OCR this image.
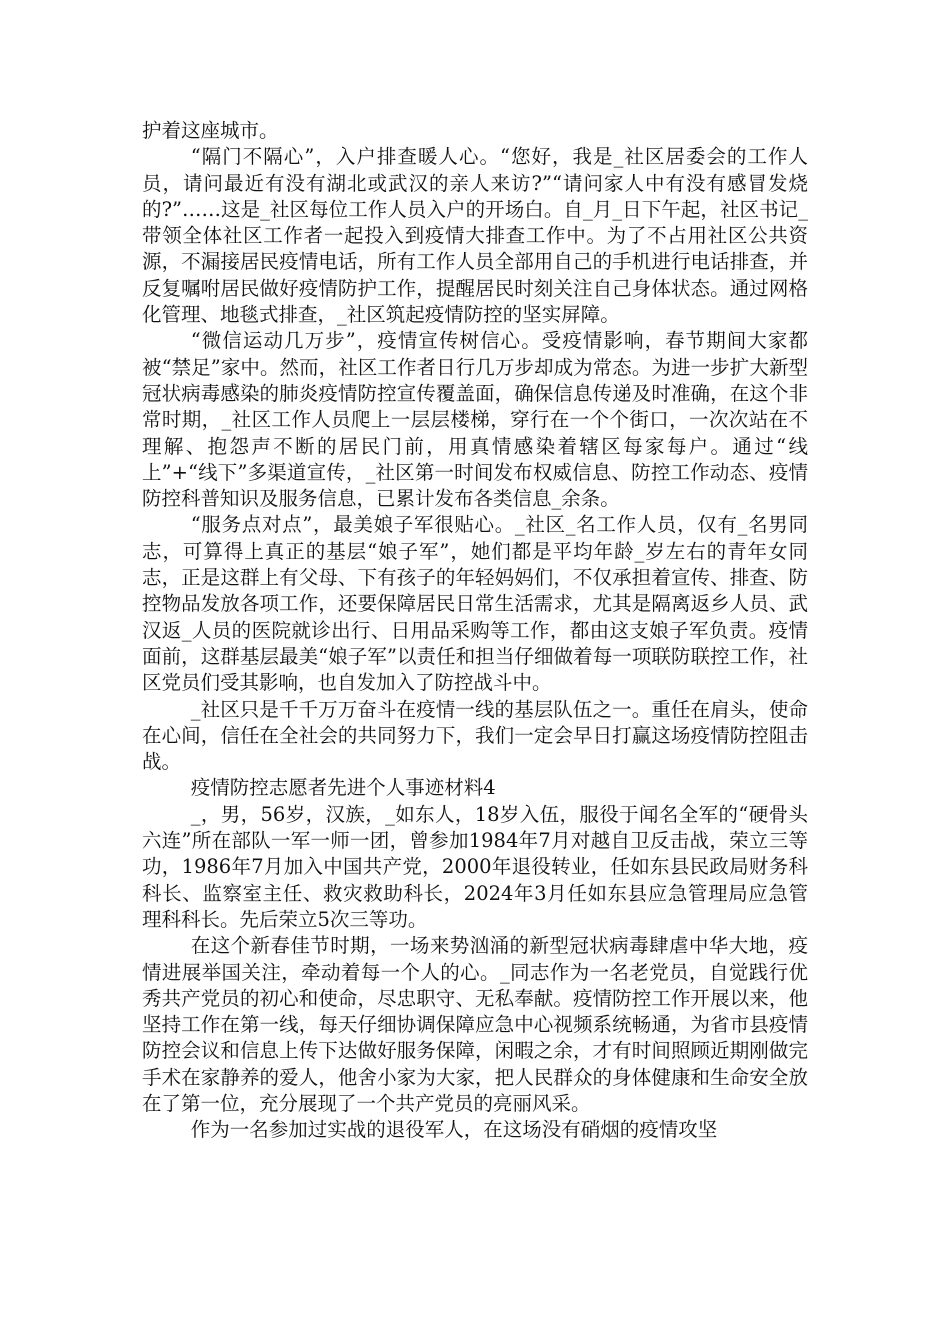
护着这座城市。

“隔门不隔心”，入户排查暖人心。“您好，我是_社区居委会的工作人员，请问最近有没有湖北或武汉的亲人来访?”“请问家人中有没有感冒发烧的?”……这是_社区每位工作人员入户的开场白。自_月_日下午起，社区书记_带领全体社区工作者一起投入到疫情大排查工作中。为了不占用社区公共资源，不漏接居民疫情电话，所有工作人员全部用自己的手机进行电话排查，并反复嘱咐居民做好疫情防护工作，提醒居民时刻关注自己身体状态。通过网格化管理、地毯式排查，_社区筑起疫情防控的坚实屏障。

“微信运动几万步”，疫情宣传树信心。受疫情影响，春节期间大家都被“禁足”家中。然而，社区工作者日行几万步却成为常态。为进一步扩大新型冠状病毒感染的肺炎疫情防控宣传覆盖面，确保信息传递及时准确，在这个非常时期，_社区工作人员爬上一层层楼梯，穿行在一个个街口，一次次站在不理解、抱怨声不断的居民门前，用真情感染着辖区每家每户。通过“线上”+“线下”多渠道宣传，_社区第一时间发布权威信息、防控工作动态、疫情防控科普知识及服务信息，已累计发布各类信息_余条。

“服务点对点”，最美娘子军很贴心。_社区_名工作人员，仅有_名男同志，可算得上真正的基层“娘子军”，她们都是平均年龄_岁左右的青年女同志，正是这群上有父母、下有孩子的年轻妈妈们，不仅承担着宣传、排查、防控物品发放各项工作，还要保障居民日常生活需求，尤其是隔离返乡人员、武汉返_人员的医院就诊出行、日用品采购等工作，都由这支娘子军负责。疫情面前，这群基层最美“娘子军”以责任和担当仔细做着每一项联防联控工作，社区党员们受其影响，也自发加入了防控战斗中。

_社区只是千千万万奋斗在疫情一线的基层队伍之一。重任在肩头，使命在心间，信任在全社会的共同努力下，我们一定会早日打赢这场疫情防控阻击战。

疫情防控志愿者先进个人事迹材料4

_，男，56岁，汉族，_如东人，18岁入伍，服役于闻名全军的“硬骨头六连”所在部队一军一师一团，曾参加1984年7月对越自卫反击战，荣立三等功，1986年7月加入中国共产党，2000年退役转业，任如东县民政局财务科科长、监察室主任、救灾救助科长，2024年3月任如东县应急管理局应急管理科科长。先后荣立5次三等功。

在这个新春佳节时期，一场来势汹涌的新型冠状病毒肆虐中华大地，疫情进展举国关注，牵动着每一个人的心。_同志作为一名老党员，自觉践行优秀共产党员的初心和使命，尽忠职守、无私奉献。疫情防控工作开展以来，他坚持工作在第一线，每天仔细协调保障应急中心视频系统畅通，为省市县疫情防控会议和信息上传下达做好服务保障，闲暇之余，才有时间照顾近期刚做完手术在家静养的爱人，他舍小家为大家，把人民群众的身体健康和生命安全放在了第一位，充分展现了一个共产党员的亮丽风采。

作为一名参加过实战的退役军人，在这场没有硝烟的疫情攻坚
